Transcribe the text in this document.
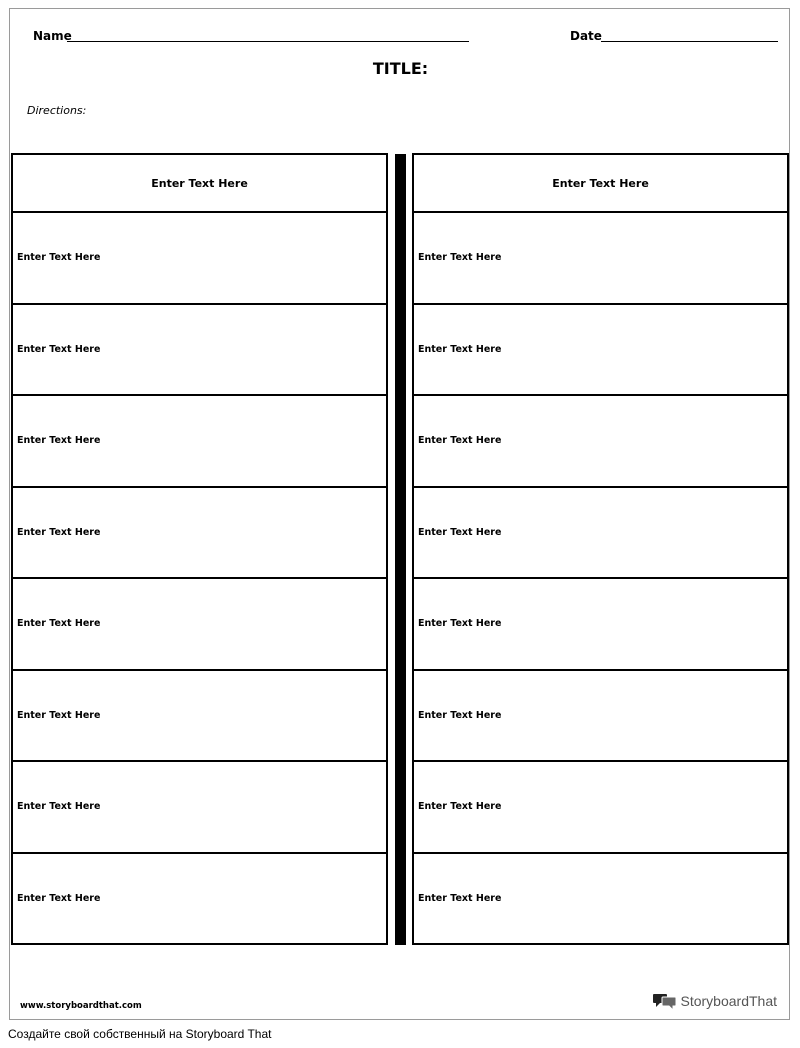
Name	Date
TITLE:
Directions:
Enter Text Here
Enter Text Here
Enter Text Here
Enter Text Here
Enter Text Here
Enter Text Here
Enter Text Here
Enter Text Here
Enter Text Here
Enter Text Here
Enter Text Here
Enter Text Here
Enter Text Here
Enter Text Here
Enter Text Here
Enter Text Here
Enter Text Here
Enter Text Here
www.storyboardthat.com	StoryboardThat
Создайте свой собственный на Storyboard That
